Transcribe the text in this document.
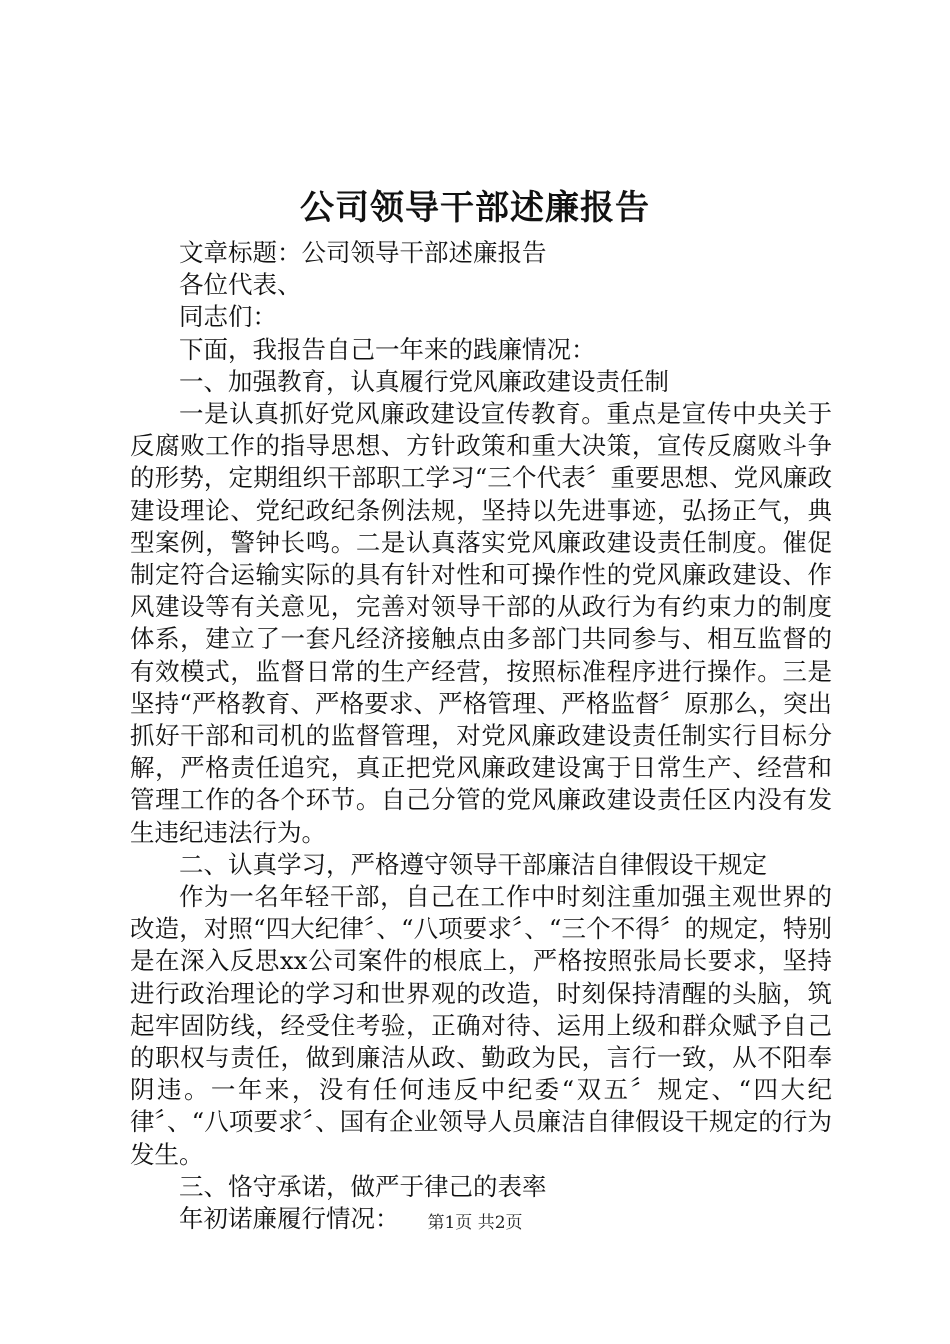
公司领导干部述廉报告

文章标题：公司领导干部述廉报告

各位代表、

同志们：

下面，我报告自己一年来的践廉情况：

一、加强教育，认真履行党风廉政建设责任制

一是认真抓好党风廉政建设宣传教育。重点是宣传中央关于反腐败工作的指导思想、方针政策和重大决策，宣传反腐败斗争的形势，定期组织干部职工学习“三个代表〞重要思想、党风廉政建设理论、党纪政纪条例法规，坚持以先进事迹，弘扬正气，典型案例，警钟长鸣。二是认真落实党风廉政建设责任制度。催促制定符合运输实际的具有针对性和可操作性的党风廉政建设、作风建设等有关意见，完善对领导干部的从政行为有约束力的制度体系，建立了一套凡经济接触点由多部门共同参与、相互监督的有效模式，监督日常的生产经营，按照标准程序进行操作。三是坚持“严格教育、严格要求、严格管理、严格监督〞原那么，突出抓好干部和司机的监督管理，对党风廉政建设责任制实行目标分解，严格责任追究，真正把党风廉政建设寓于日常生产、经营和管理工作的各个环节。自己分管的党风廉政建设责任区内没有发生违纪违法行为。

二、认真学习，严格遵守领导干部廉洁自律假设干规定

作为一名年轻干部，自己在工作中时刻注重加强主观世界的改造，对照“四大纪律〞、“八项要求〞、“三个不得〞的规定，特别是在深入反思xx公司案件的根底上，严格按照张局长要求，坚持进行政治理论的学习和世界观的改造，时刻保持清醒的头脑，筑起牢固防线，经受住考验，正确对待、运用上级和群众赋予自己的职权与责任，做到廉洁从政、勤政为民，言行一致，从不阳奉阴违。一年来，没有任何违反中纪委“双五〞规定、“四大纪律〞、“八项要求〞、国有企业领导人员廉洁自律假设干规定的行为发生。

三、恪守承诺，做严于律己的表率

年初诺廉履行情况：	第1页 共2页
